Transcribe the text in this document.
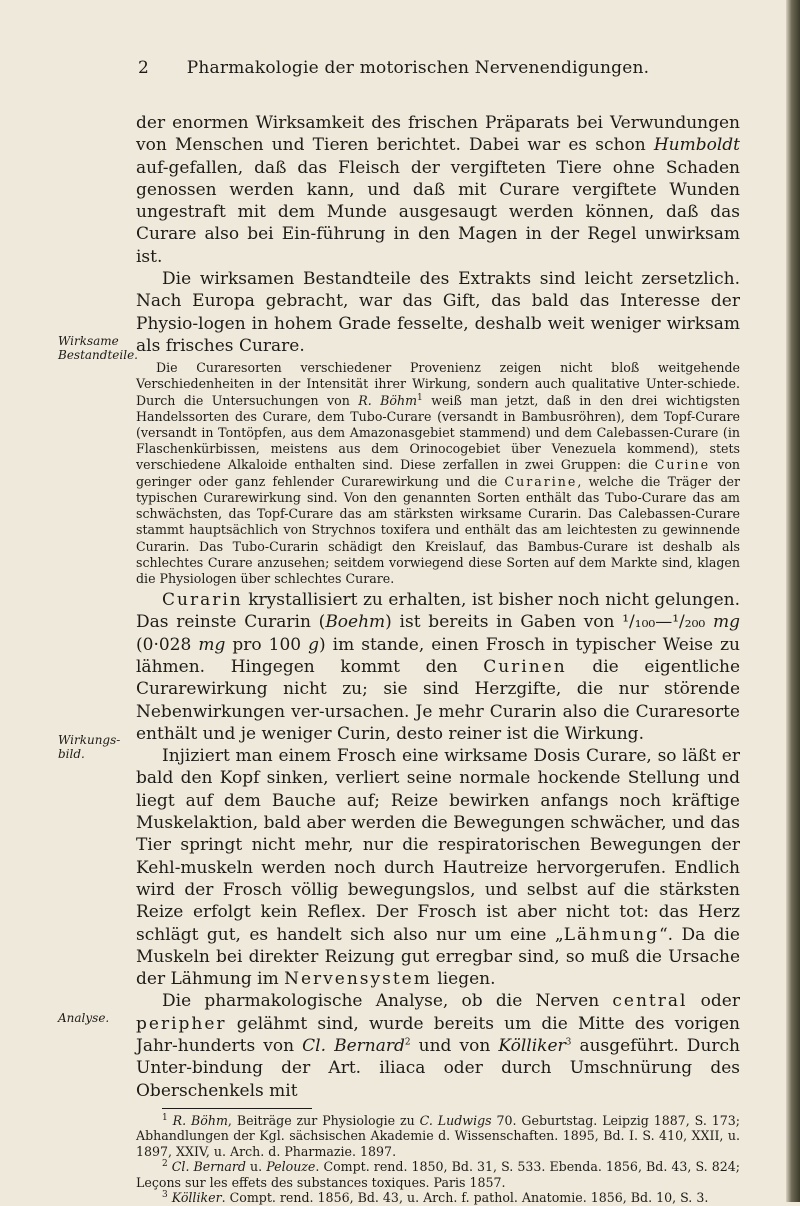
2	Pharmakologie der motorischen Nervenendigungen.
Wirksame
Bestandteile.
Wirkungs-
bild.
Analyse.

der enormen Wirksamkeit des frischen Präparats bei Verwundungen von Menschen und Tieren berichtet. Dabei war es schon Humboldt auf-gefallen, daß das Fleisch der vergifteten Tiere ohne Schaden genossen werden kann, und daß mit Curare vergiftete Wunden ungestraft mit dem Munde ausgesaugt werden können, daß das Curare also bei Ein-führung in den Magen in der Regel unwirksam ist.

Die wirksamen Bestandteile des Extrakts sind leicht zersetzlich. Nach Europa gebracht, war das Gift, das bald das Interesse der Physio-logen in hohem Grade fesselte, deshalb weit weniger wirksam als frisches Curare.

Die Curaresorten verschiedener Provenienz zeigen nicht bloß weitgehende Verschiedenheiten in der Intensität ihrer Wirkung, sondern auch qualitative Unter-schiede. Durch die Untersuchungen von R. Böhm$^1$ weiß man jetzt, daß in den drei wichtigsten Handelssorten des Curare, dem Tubo-Curare (versandt in Bambusröhren), dem Topf-Curare (versandt in Tontöpfen, aus dem Amazonasgebiet stammend) und dem Calebassen-Curare (in Flaschenkürbissen, meistens aus dem Orinocogebiet über Venezuela kommend), stets verschiedene Alkaloide enthalten sind. Diese zerfallen in zwei Gruppen: die Curine von geringer oder ganz fehlender Curarewirkung und die Curarine, welche die Träger der typischen Curarewirkung sind. Von den genannten Sorten enthält das Tubo-Curare das am schwächsten, das Topf-Curare das am stärksten wirksame Curarin. Das Calebassen-Curare stammt hauptsächlich von Strychnos toxifera und enthält das am leichtesten zu gewinnende Curarin. Das Tubo-Curarin schädigt den Kreislauf, das Bambus-Curare ist deshalb als schlechtes Curare anzusehen; seitdem vorwiegend diese Sorten auf dem Markte sind, klagen die Physiologen über schlechtes Curare.

Curarin krystallisiert zu erhalten, ist bisher noch nicht gelungen. Das reinste Curarin (Boehm) ist bereits in Gaben von ¹/₁₀₀—¹/₂₀₀ mg (0·028 mg pro 100 g) im stande, einen Frosch in typischer Weise zu lähmen. Hingegen kommt den Curinen die eigentliche Curarewirkung nicht zu; sie sind Herzgifte, die nur störende Nebenwirkungen ver-ursachen. Je mehr Curarin also die Curaresorte enthält und je weniger Curin, desto reiner ist die Wirkung.

Injiziert man einem Frosch eine wirksame Dosis Curare, so läßt er bald den Kopf sinken, verliert seine normale hockende Stellung und liegt auf dem Bauche auf; Reize bewirken anfangs noch kräftige Muskelaktion, bald aber werden die Bewegungen schwächer, und das Tier springt nicht mehr, nur die respiratorischen Bewegungen der Kehl-muskeln werden noch durch Hautreize hervorgerufen. Endlich wird der Frosch völlig bewegungslos, und selbst auf die stärksten Reize erfolgt kein Reflex. Der Frosch ist aber nicht tot: das Herz schlägt gut, es handelt sich also nur um eine „Lähmung“. Da die Muskeln bei direkter Reizung gut erregbar sind, so muß die Ursache der Lähmung im Nervensystem liegen.

Die pharmakologische Analyse, ob die Nerven central oder peripher gelähmt sind, wurde bereits um die Mitte des vorigen Jahr-hunderts von Cl. Bernard$^2$ und von Kölliker$^3$ ausgeführt. Durch Unter-bindung der Art. iliaca oder durch Umschnürung des Oberschenkels mit

$^1$ R. Böhm, Beiträge zur Physiologie zu C. Ludwigs 70. Geburtstag. Leipzig 1887, S. 173; Abhandlungen der Kgl. sächsischen Akademie d. Wissenschaften. 1895, Bd. I. S. 410, XXII, u. 1897, XXIV, u. Arch. d. Pharmazie. 1897.

$^2$ Cl. Bernard u. Pelouze. Compt. rend. 1850, Bd. 31, S. 533. Ebenda. 1856, Bd. 43, S. 824; Leçons sur les effets des substances toxiques. Paris 1857.

$^3$ Kölliker. Compt. rend. 1856, Bd. 43, u. Arch. f. pathol. Anatomie. 1856, Bd. 10, S. 3.
